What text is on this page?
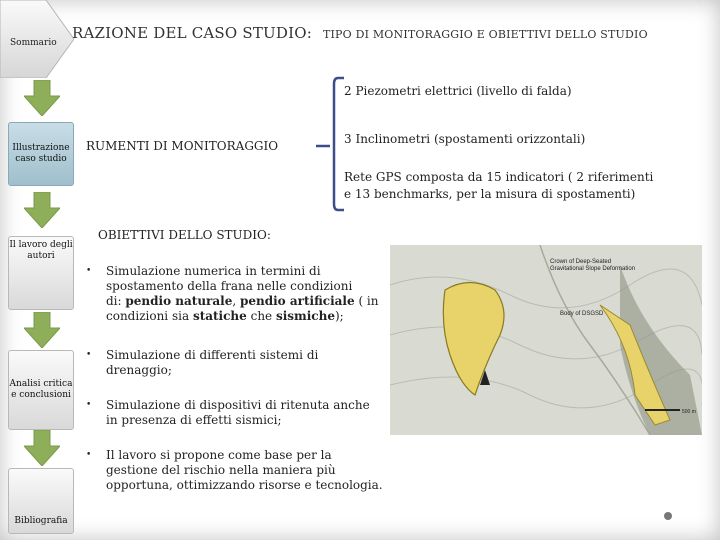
Sommario
RAZIONE DEL CASO STUDIO: TIPO DI MONITORAGGIO E OBIETTIVI DELLO STUDIO
Illustrazione caso studio
Il lavoro degli autori
Analisi critica e conclusioni
Bibliografia
RUMENTI DI MONITORAGGIO
2 Piezometri elettrici (livello di falda)
3 Inclinometri (spostamenti orizzontali)
Rete GPS composta da 15 indicatori ( 2 riferimenti
e 13 benchmarks, per la misura di spostamenti)
OBIETTIVI DELLO STUDIO:
• Simulazione numerica in termini di
spostamento della frana nelle condizioni
di: pendio naturale, pendio artificiale ( in
condizioni sia statiche che sismiche);
• Simulazione di differenti sistemi di
drenaggio;
• Simulazione di dispositivi di ritenuta anche
in presenza di effetti sismici;
• Il lavoro si propone come base per la
gestione del rischio nella maniera più
opportuna, ottimizzando risorse e tecnologia.
Crown of Deep-Seated
Gravitational Slope Deformation
Body of DSGSD
500 m
